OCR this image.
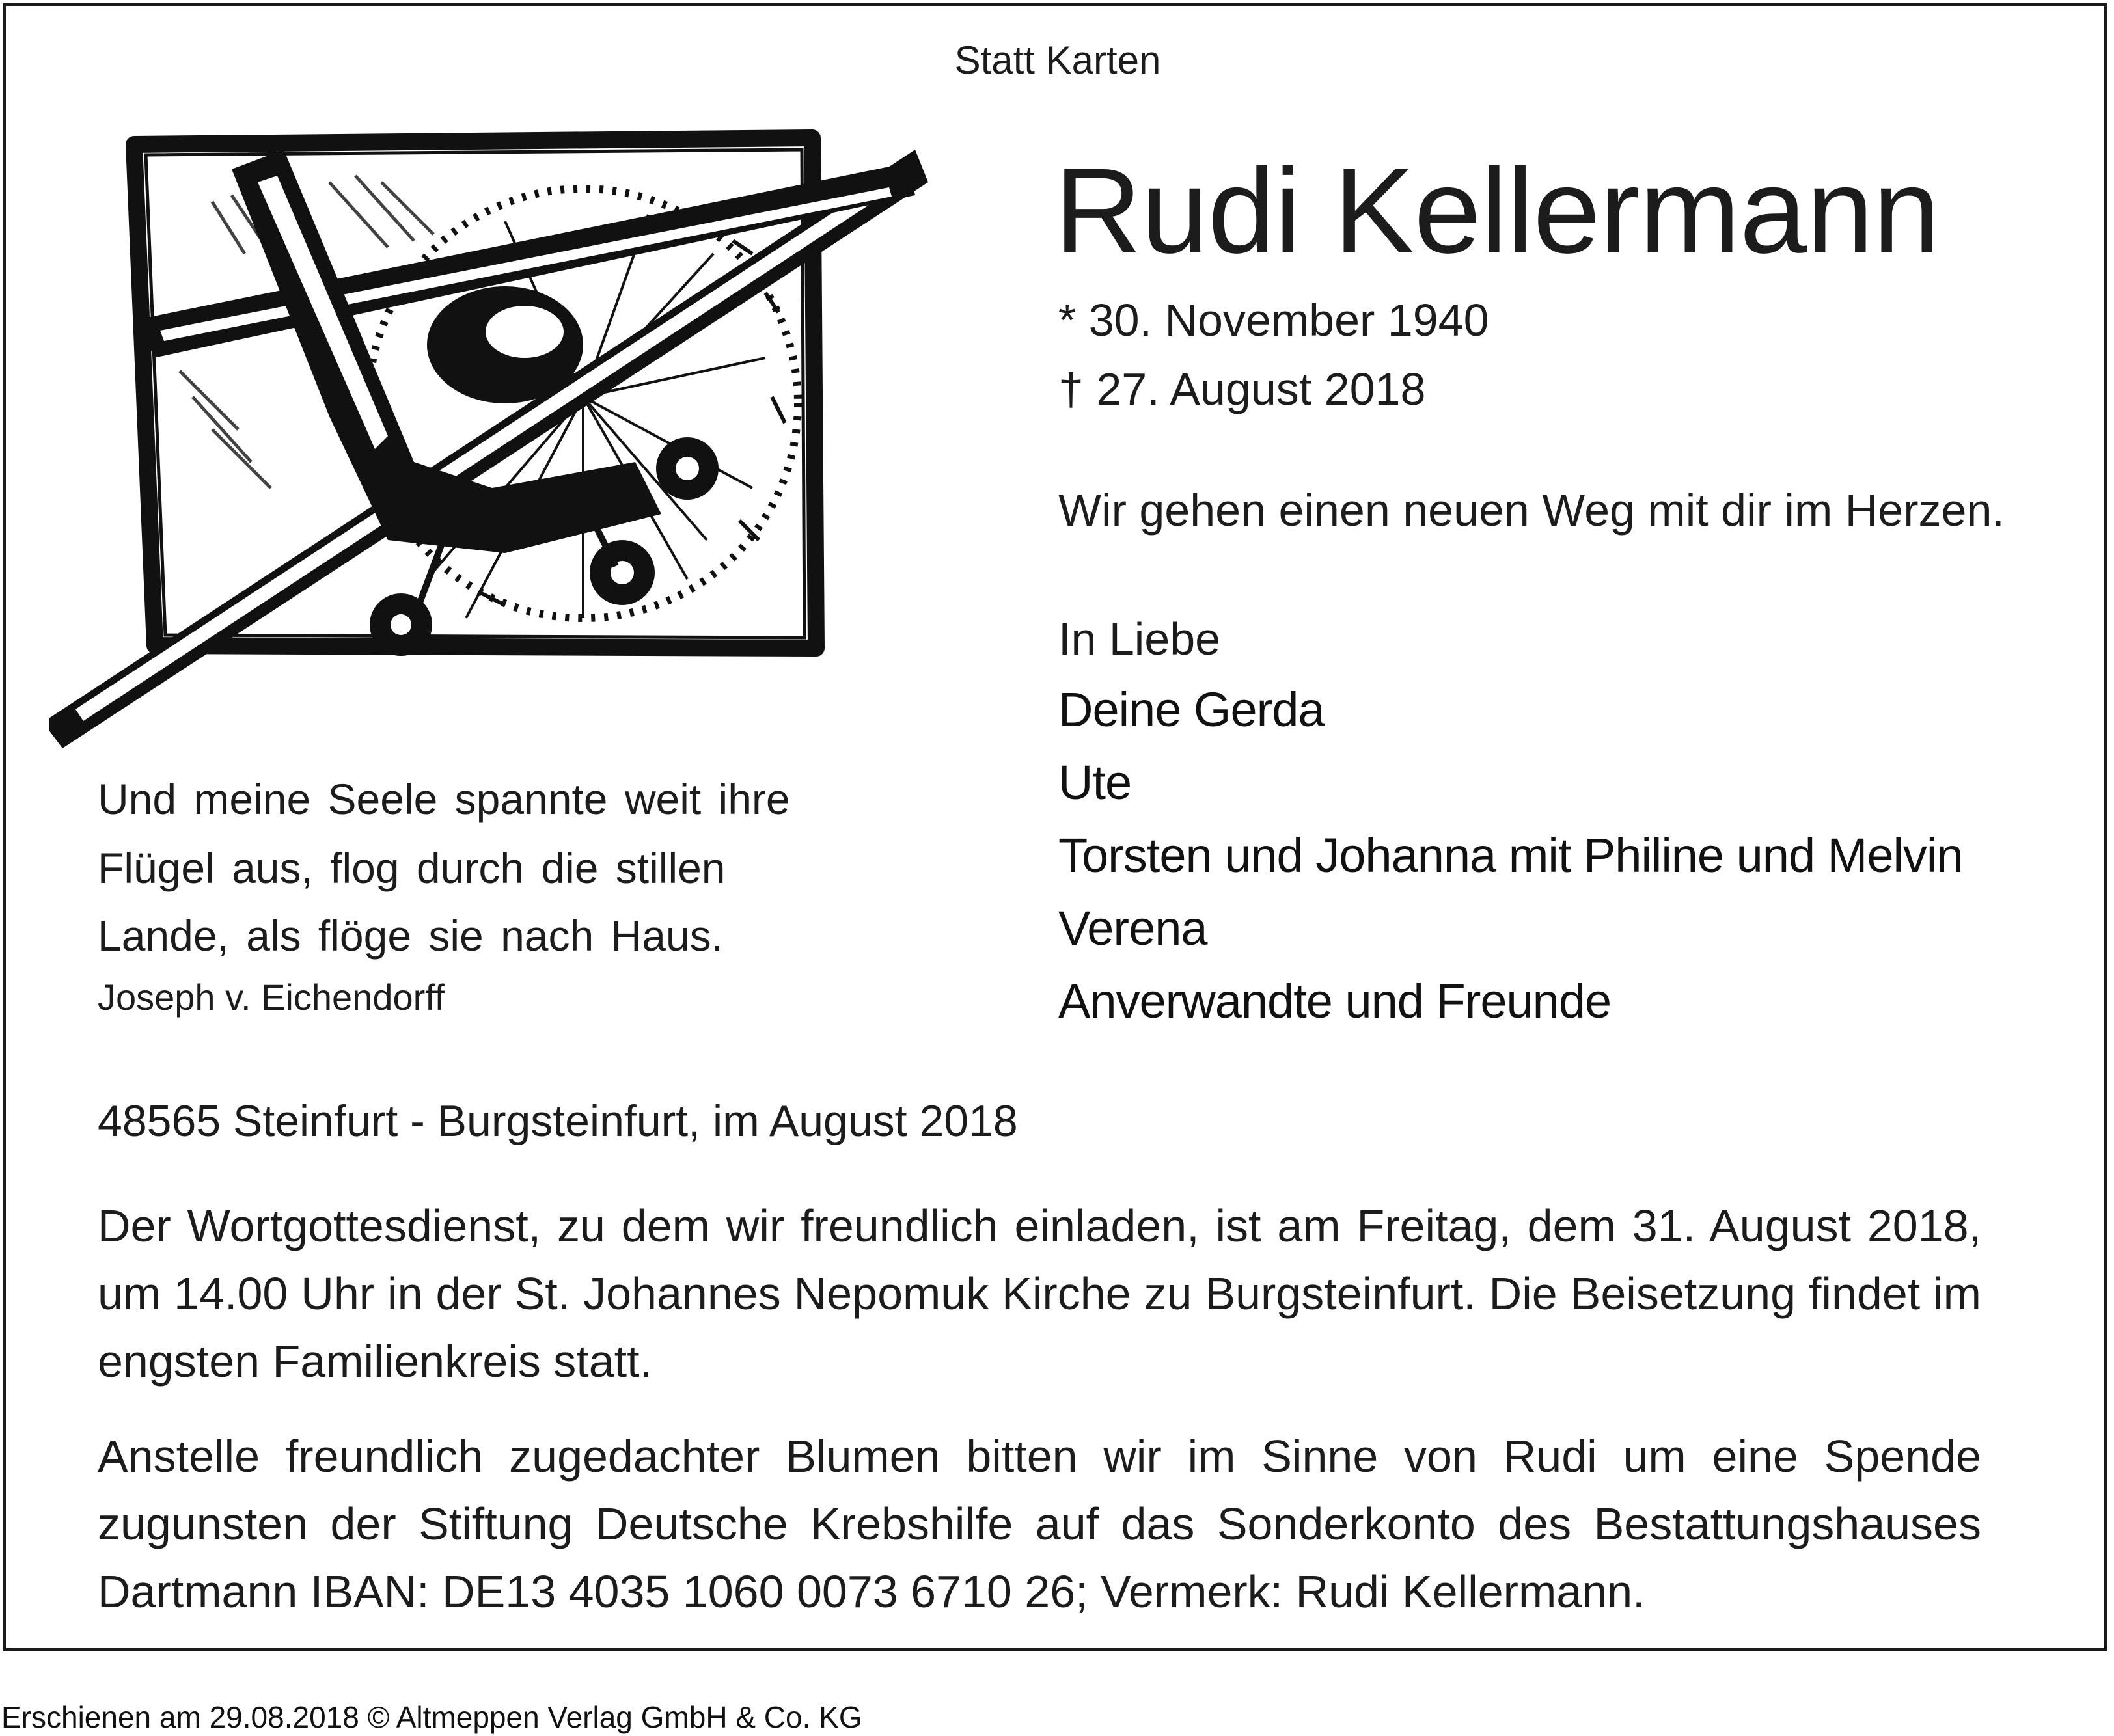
Statt Karten
Rudi Kellermann
* 30. November 1940
† 27. August 2018
Wir gehen einen neuen Weg mit dir im Herzen.
In Liebe
Deine Gerda
Ute
Torsten und Johanna mit Philine und Melvin
Verena
Anverwandte und Freunde
Und meine Seele spannte weit ihre
Flügel aus, flog durch die stillen
Lande, als flöge sie nach Haus.
Joseph v. Eichendorff
48565 Steinfurt - Burgsteinfurt, im August 2018
Der Wortgottesdienst, zu dem wir freundlich einladen, ist am Freitag, dem 31. August 2018, um 14.00 Uhr in der St. Johannes Nepomuk Kirche zu Burgsteinfurt. Die Beisetzung findet im engsten Familienkreis statt.
Anstelle freundlich zugedachter Blumen bitten wir im Sinne von Rudi um eine Spende zugunsten der Stiftung Deutsche Krebshilfe auf das Sonderkonto des Bestattungshauses Dartmann IBAN: DE13 4035 1060 0073 6710 26; Vermerk: Rudi Kellermann.
Erschienen am 29.08.2018 © Altmeppen Verlag GmbH & Co. KG
